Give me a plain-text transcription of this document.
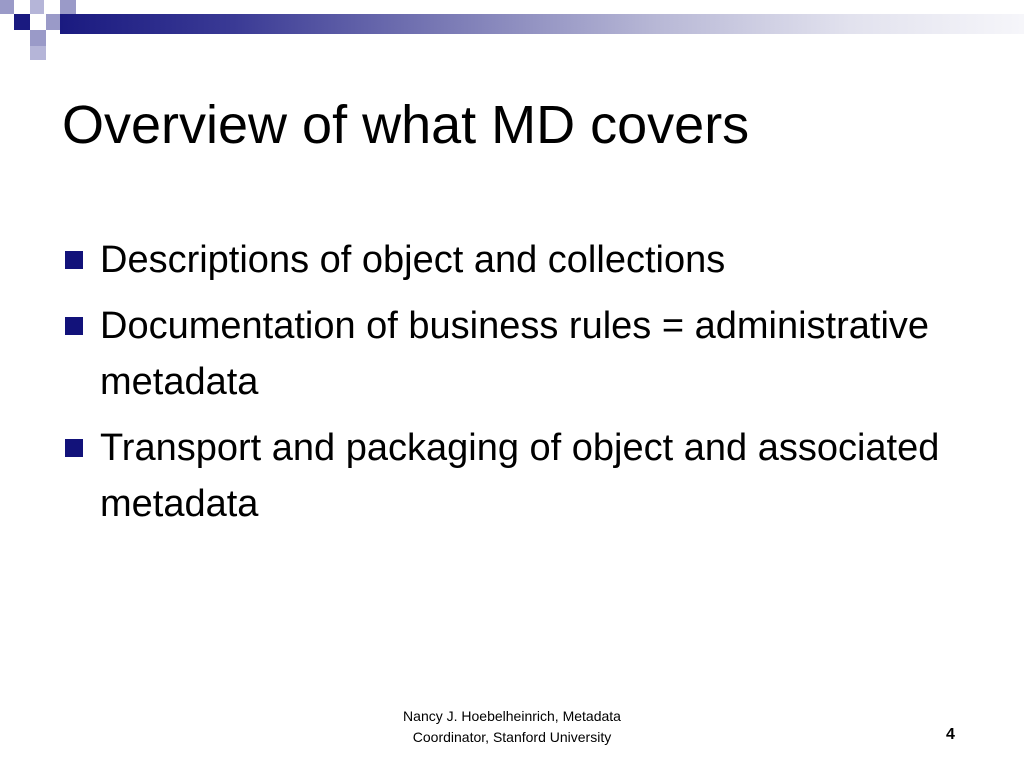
Overview of what MD covers
Descriptions of object and collections
Documentation of business rules = administrative metadata
Transport and packaging of object and associated metadata
Nancy J. Hoebelheinrich, Metadata
Coordinator, Stanford University	4
